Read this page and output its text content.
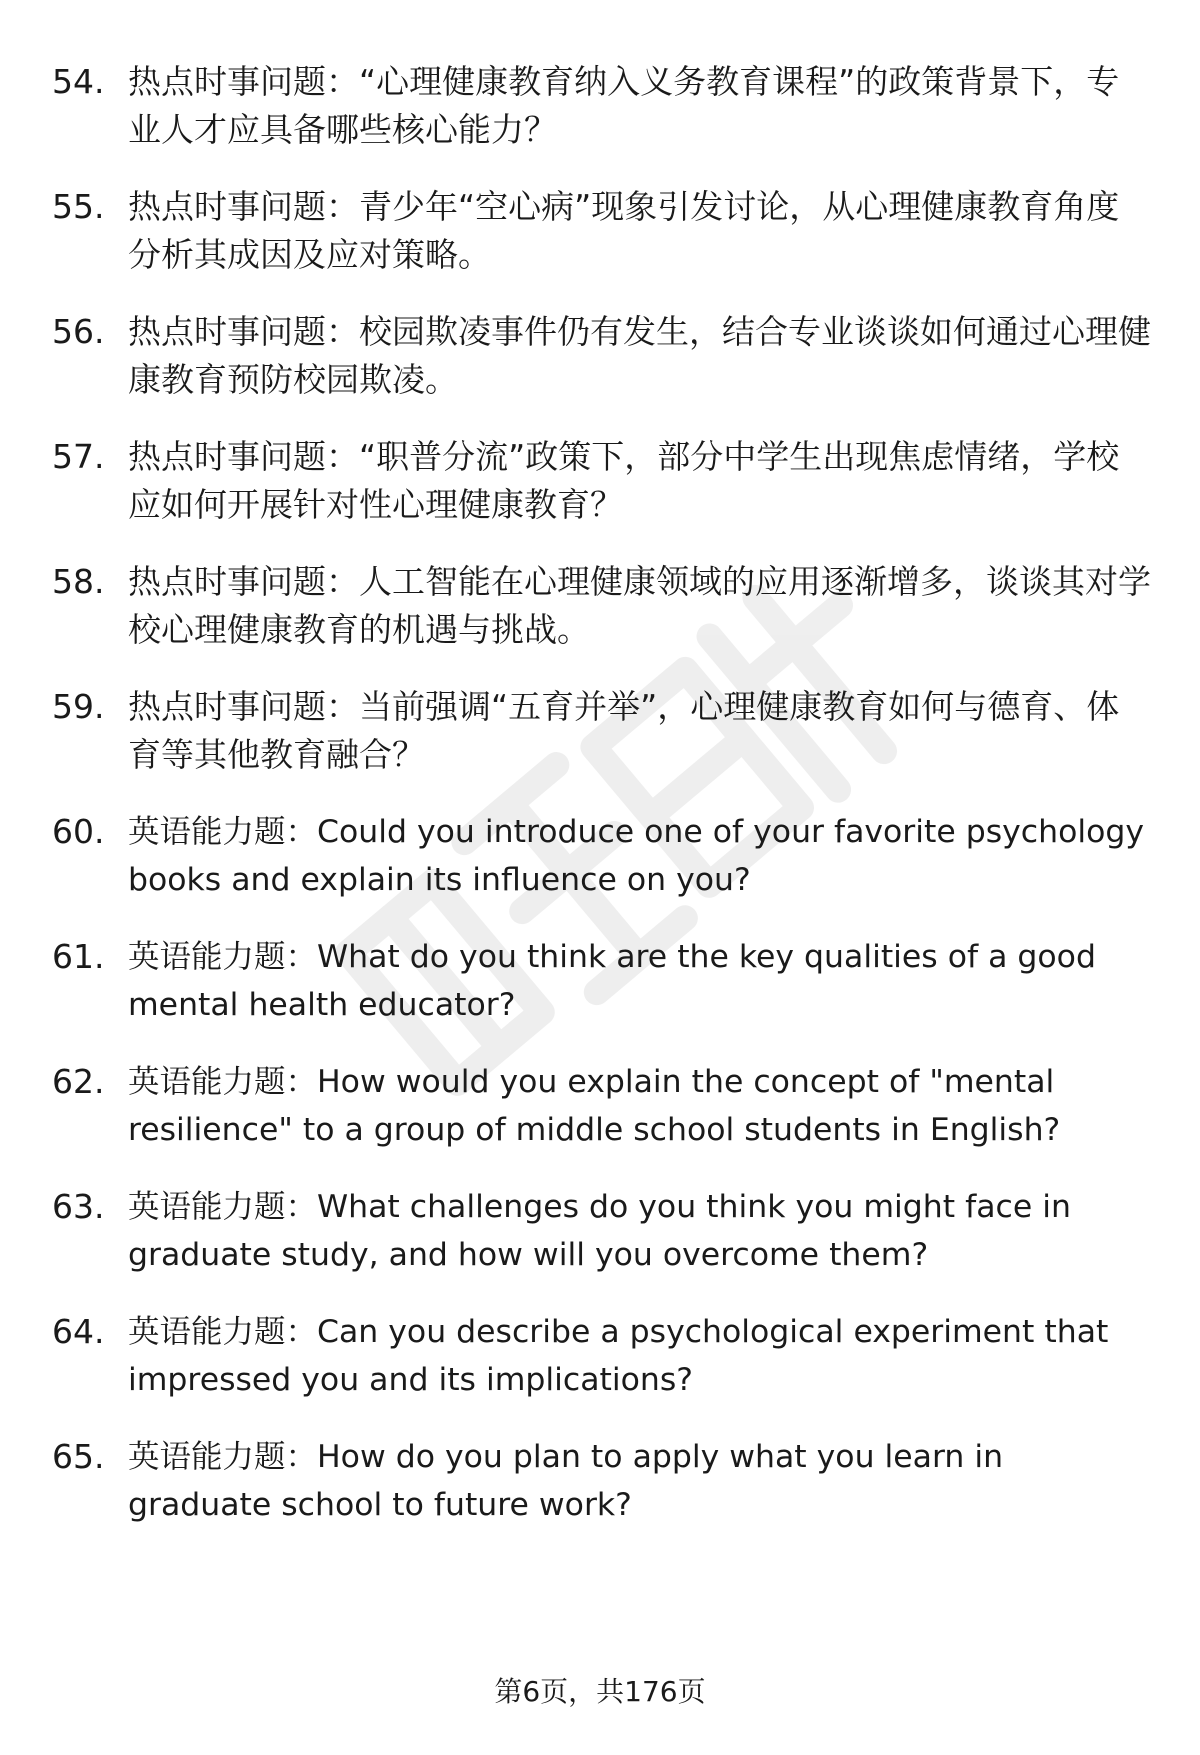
54. 热点时事问题：“心理健康教育纳入义务教育课程”的政策背景下，专业人才应具备哪些核心能力？
55. 热点时事问题：青少年“空心病”现象引发讨论，从心理健康教育角度分析其成因及应对策略。
56. 热点时事问题：校园欺凌事件仍有发生，结合专业谈谈如何通过心理健康教育预防校园欺凌。
57. 热点时事问题：“职普分流”政策下，部分中学生出现焦虑情绪，学校应如何开展针对性心理健康教育？
58. 热点时事问题：人工智能在心理健康领域的应用逐渐增多，谈谈其对学校心理健康教育的机遇与挑战。
59. 热点时事问题：当前强调“五育并举”，心理健康教育如何与德育、体育等其他教育融合？
60. 英语能力题：Could you introduce one of your favorite psychology books and explain its influence on you?
61. 英语能力题：What do you think are the key qualities of a good mental health educator?
62. 英语能力题：How would you explain the concept of "mental resilience" to a group of middle school students in English?
63. 英语能力题：What challenges do you think you might face in graduate study, and how will you overcome them?
64. 英语能力题：Can you describe a psychological experiment that impressed you and its implications?
65. 英语能力题：How do you plan to apply what you learn in graduate school to future work?
第6页，共176页
